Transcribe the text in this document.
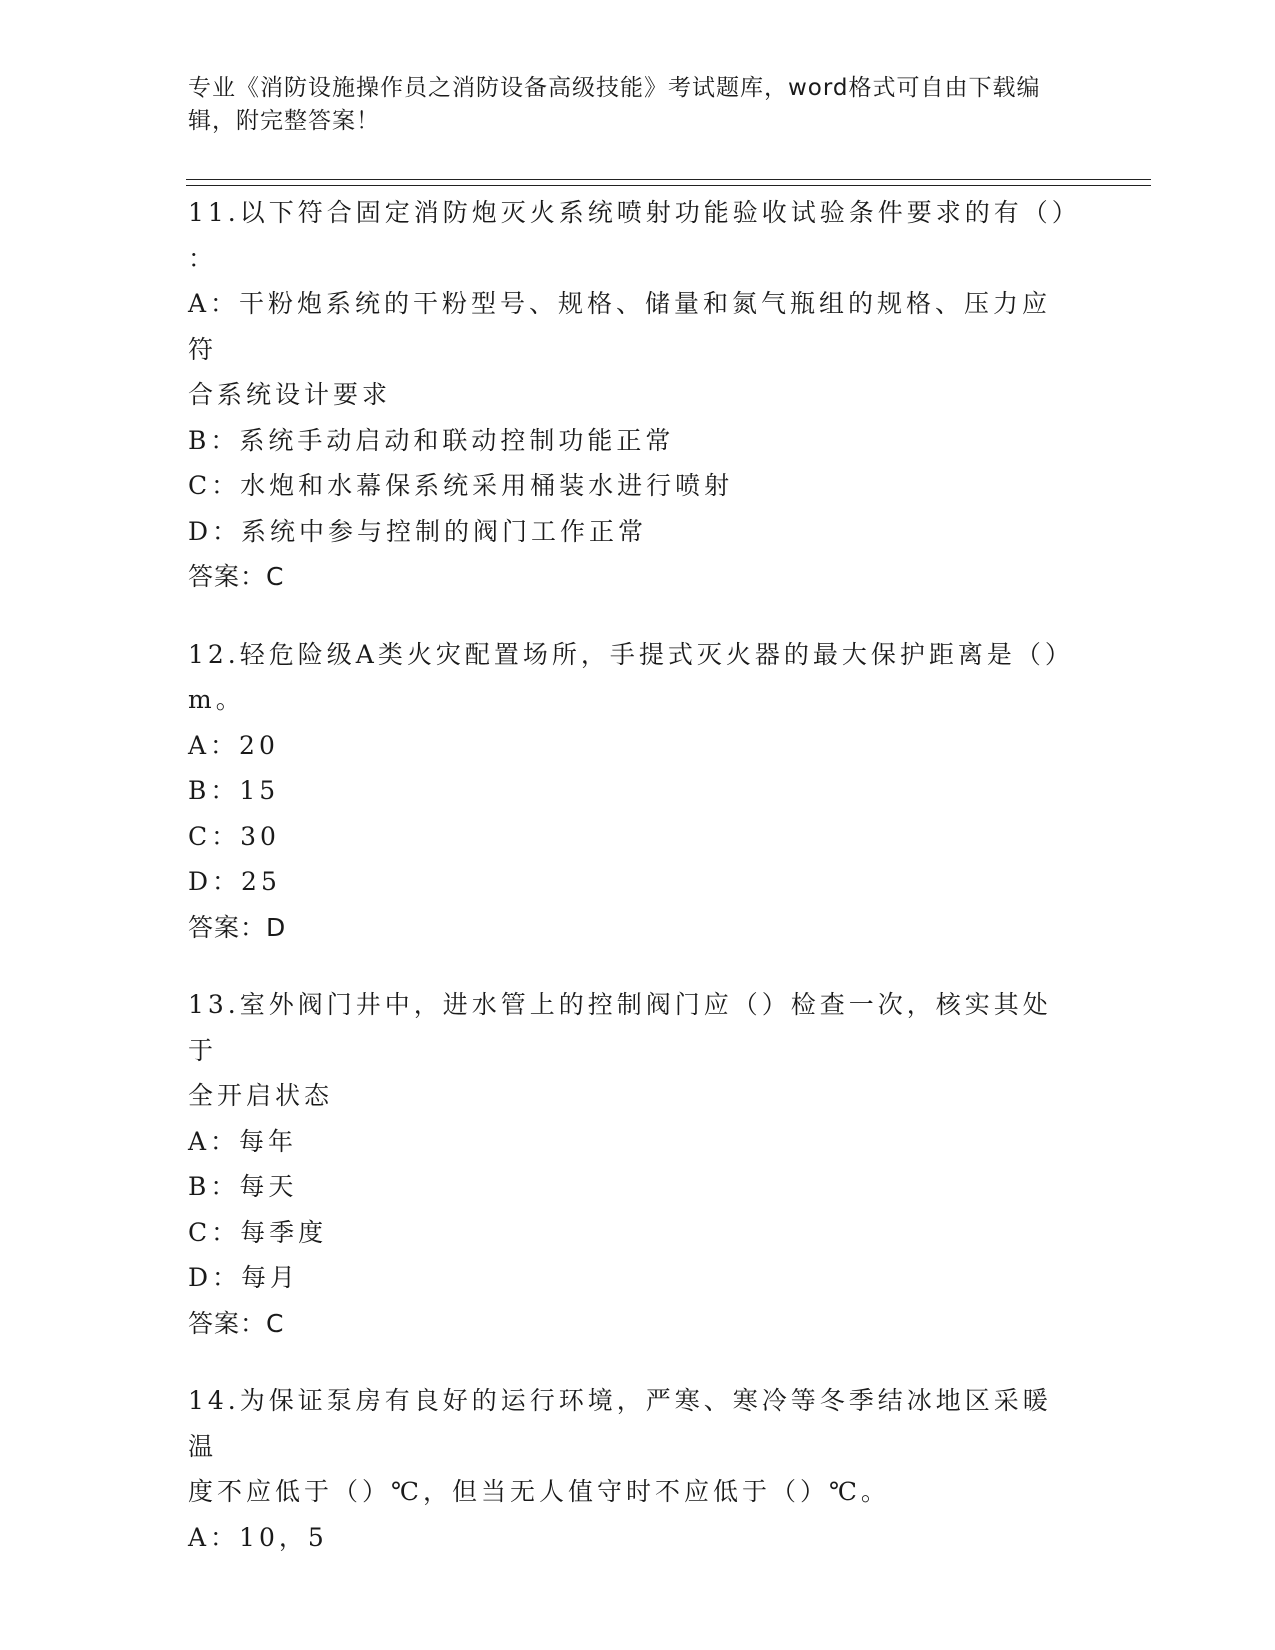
专业《消防设施操作员之消防设备高级技能》考试题库，word格式可自由下载编辑，附完整答案！
11.以下符合固定消防炮灭火系统喷射功能验收试验条件要求的有（）
：
A：干粉炮系统的干粉型号、规格、储量和氮气瓶组的规格、压力应符
合系统设计要求
B：系统手动启动和联动控制功能正常
C：水炮和水幕保系统采用桶装水进行喷射
D：系统中参与控制的阀门工作正常
答案：C
12.轻危险级A类火灾配置场所，手提式灭火器的最大保护距离是（）
m。
A：20
B：15
C：30
D：25
答案：D
13.室外阀门井中，进水管上的控制阀门应（）检查一次，核实其处于
全开启状态
A：每年
B：每天
C：每季度
D：每月
答案：C
14.为保证泵房有良好的运行环境，严寒、寒冷等冬季结冰地区采暖温
度不应低于（）℃，但当无人值守时不应低于（）℃。
A：10，5
